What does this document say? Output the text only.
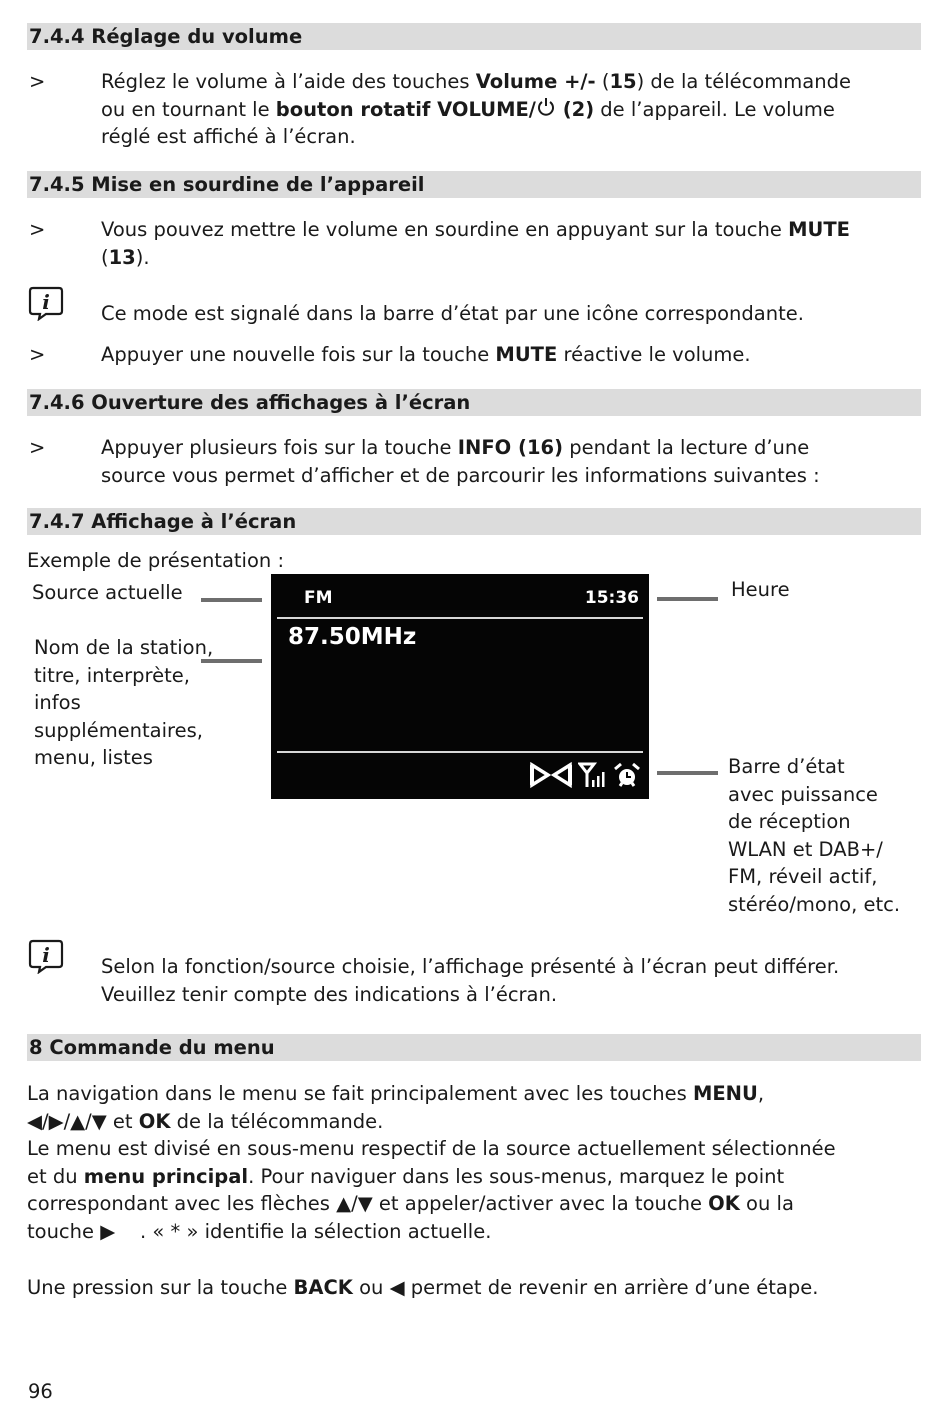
7.4.4 Réglage du volume
>	Réglez le volume à l’aide des touches Volume +/- (15) de la télécommande
ou en tournant le bouton rotatif VOLUME/ (2) de l’appareil. Le volume
réglé est affiché à l’écran.
7.4.5 Mise en sourdine de l’appareil
>	Vous pouvez mettre le volume en sourdine en appuyant sur la touche MUTE
(13).
i	Ce mode est signalé dans la barre d’état par une icône correspondante.
>	Appuyer une nouvelle fois sur la touche MUTE réactive le volume.
7.4.6 Ouverture des affichages à l’écran
>	Appuyer plusieurs fois sur la touche INFO (16) pendant la lecture d’une
source vous permet d’afficher et de parcourir les informations suivantes :
7.4.7 Affichage à l’écran
Exemple de présentation :
Source actuelle
Nom de la station,
titre, interprète,
infos
supplémentaires,
menu, listes
FM	15:36
87.50MHz

Heure
Barre d’état
avec puissance
de réception
WLAN et DAB+/
FM, réveil actif,
stéréo/mono, etc.
i	Selon la fonction/source choisie, l’affichage présenté à l’écran peut différer.
Veuillez tenir compte des indications à l’écran.
8 Commande du menu
La navigation dans le menu se fait principalement avec les touches MENU,
◀/▶/▲/▼ et OK de la télécommande.
Le menu est divisé en sous-menu respectif de la source actuellement sélectionnée
et du menu principal. Pour naviguer dans les sous-menus, marquez le point
correspondant avec les flèches ▲/▼ et appeler/activer avec la touche OK ou la
touche ▶    . « * » identifie la sélection actuelle.
Une pression sur la touche BACK ou ◀ permet de revenir en arrière d’une étape.
96
